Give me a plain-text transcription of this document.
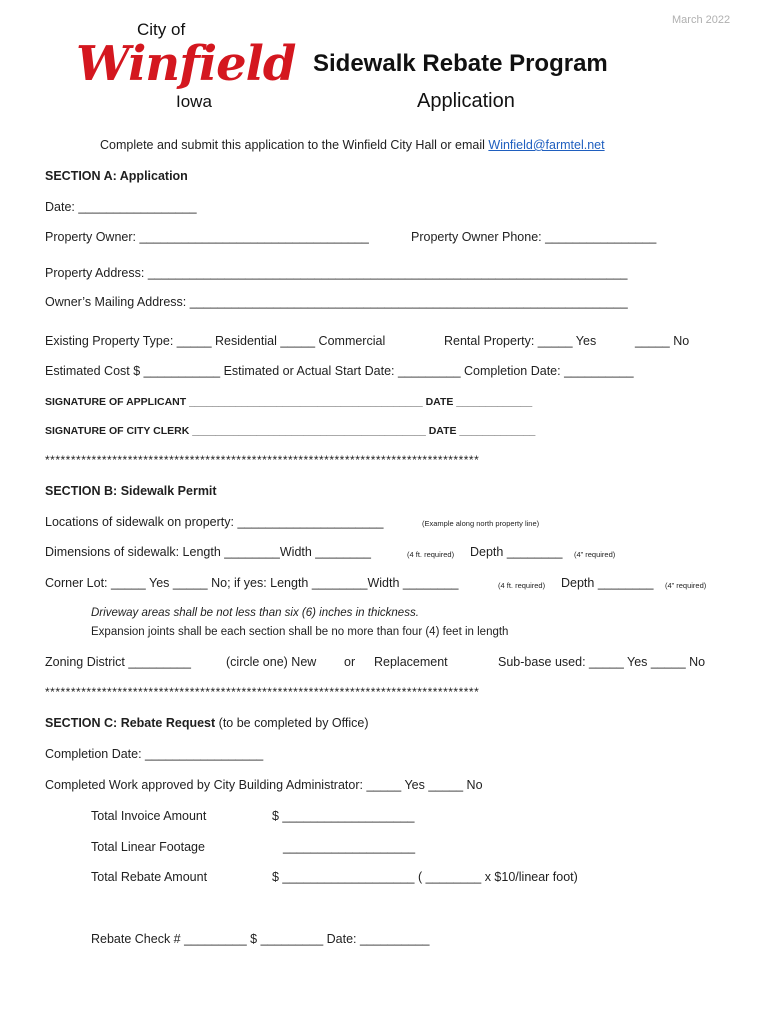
March 2022
City of
Winfield
Iowa
Sidewalk Rebate Program
Application
Complete and submit this application to the Winfield City Hall or email Winfield@farmtel.net
SECTION A: Application
Date: _________________
Property Owner: _________________________________	Property Owner Phone: ________________
Property Address: _____________________________________________________________________
Owner’s Mailing Address: _______________________________________________________________
Existing Property Type: _____ Residential _____ Commercial	Rental Property: _____ Yes	_____ No
Estimated Cost $ ___________ Estimated or Actual Start Date: _________ Completion Date: __________
SIGNATURE OF APPLICANT ________________________________________ DATE _____________
SIGNATURE OF CITY CLERK ________________________________________ DATE _____________
************************************************************************************
SECTION B: Sidewalk Permit
Locations of sidewalk on property: _____________________	(Example along north property line)
Dimensions of sidewalk: Length ________Width ________	(4 ft. required) Depth ________ (4” required)
Corner Lot: _____ Yes _____ No; if yes: Length ________Width ________	(4 ft. required) Depth ________ (4” required)
Driveway areas shall be not less than six (6) inches in thickness.
Expansion joints shall be each section shall be no more than four (4) feet in length
Zoning District _________	(circle one) New or Replacement	Sub-base used: _____ Yes _____ No
************************************************************************************
SECTION C: Rebate Request (to be completed by Office)
Completion Date: _________________
Completed Work approved by City Building Administrator: _____ Yes _____ No
Total Invoice Amount	$ ___________________
Total Linear Footage	___________________
Total Rebate Amount	$ ___________________ ( ________ x $10/linear foot)
Rebate Check # _________ $ _________ Date: __________
